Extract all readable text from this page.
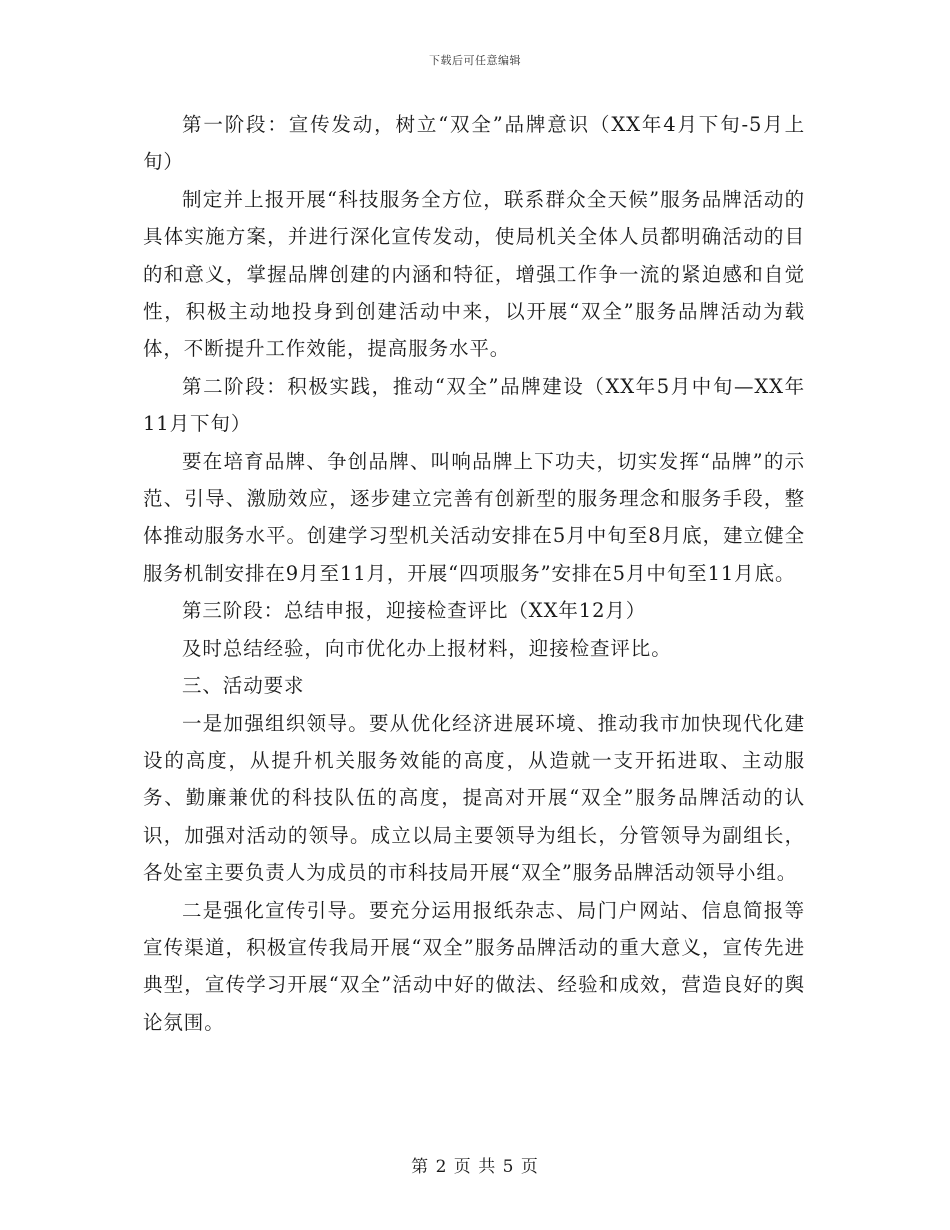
下载后可任意编辑

第一阶段：宣传发动，树立“双全”品牌意识（XX年4月下旬-5月上旬）

制定并上报开展“科技服务全方位，联系群众全天候”服务品牌活动的具体实施方案，并进行深化宣传发动，使局机关全体人员都明确活动的目的和意义，掌握品牌创建的内涵和特征，增强工作争一流的紧迫感和自觉性，积极主动地投身到创建活动中来，以开展“双全”服务品牌活动为载体，不断提升工作效能，提高服务水平。

第二阶段：积极实践，推动“双全”品牌建设（XX年5月中旬—XX年11月下旬）

要在培育品牌、争创品牌、叫响品牌上下功夫，切实发挥“品牌”的示范、引导、激励效应，逐步建立完善有创新型的服务理念和服务手段，整体推动服务水平。创建学习型机关活动安排在5月中旬至8月底，建立健全服务机制安排在9月至11月，开展“四项服务”安排在5月中旬至11月底。

第三阶段：总结申报，迎接检查评比（XX年12月）

及时总结经验，向市优化办上报材料，迎接检查评比。

三、活动要求

一是加强组织领导。要从优化经济进展环境、推动我市加快现代化建设的高度，从提升机关服务效能的高度，从造就一支开拓进取、主动服务、勤廉兼优的科技队伍的高度，提高对开展“双全”服务品牌活动的认识，加强对活动的领导。成立以局主要领导为组长，分管领导为副组长，各处室主要负责人为成员的市科技局开展“双全”服务品牌活动领导小组。

二是强化宣传引导。要充分运用报纸杂志、局门户网站、信息简报等宣传渠道，积极宣传我局开展“双全”服务品牌活动的重大意义，宣传先进典型，宣传学习开展“双全”活动中好的做法、经验和成效，营造良好的舆论氛围。

第 2 页 共 5 页
